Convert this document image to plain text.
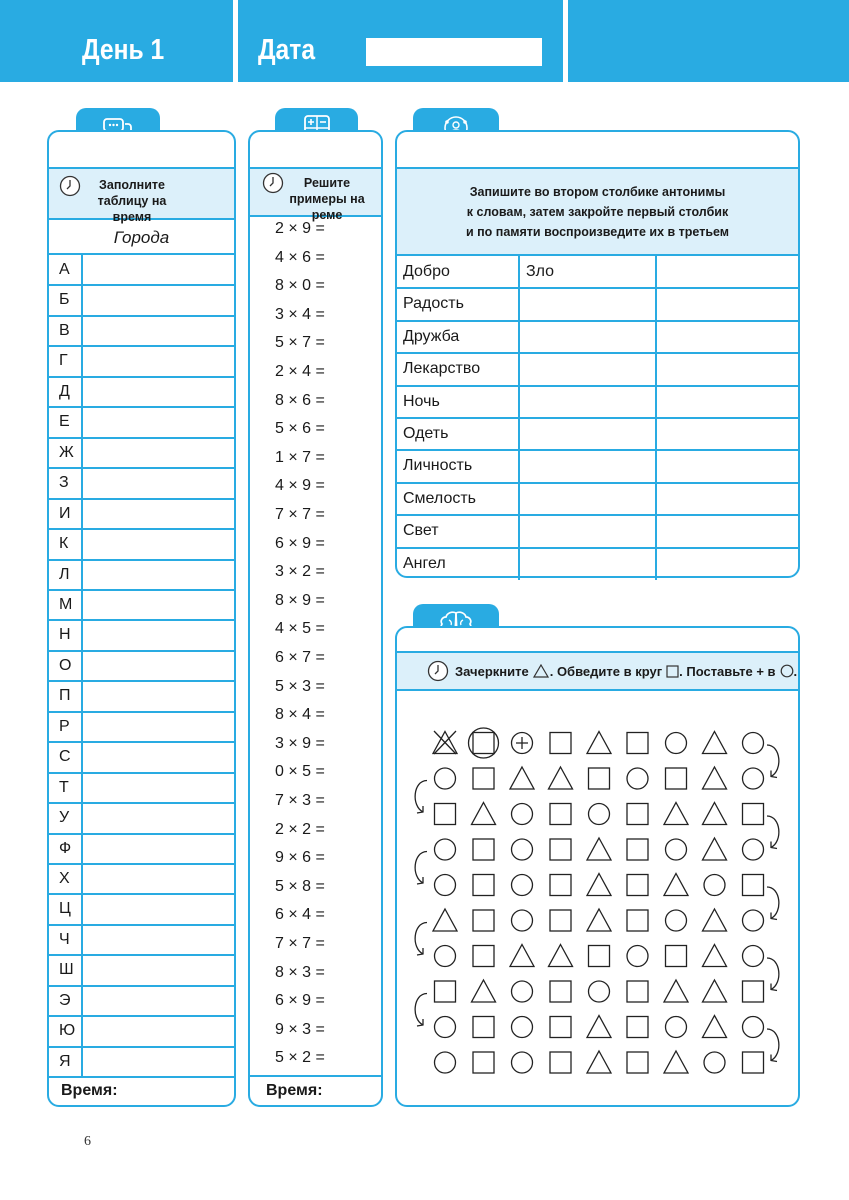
День 1	Дата
Заполните таблицу на время
Города
А
Б
В
Г
Д
Е
Ж
З
И
К
Л
М
Н
О
П
Р
С
Т
У
Ф
Х
Ц
Ч
Ш
Э
Ю
Я
Время:
Решите примеры на реме
2 × 9 =
4 × 6 =
8 × 0 =
3 × 4 =
5 × 7 =
2 × 4 =
8 × 6 =
5 × 6 =
1 × 7 =
4 × 9 =
7 × 7 =
6 × 9 =
3 × 2 =
8 × 9 =
4 × 5 =
6 × 7 =
5 × 3 =
8 × 4 =
3 × 9 =
0 × 5 =
7 × 3 =
2 × 2 =
9 × 6 =
5 × 8 =
6 × 4 =
7 × 7 =
8 × 3 =
6 × 9 =
9 × 3 =
5 × 2 =
Время:
Запишите во втором столбике антонимы
к словам, затем закройте первый столбик
и по памяти воспроизведите их в третьем
Добро	Зло
Радость
Дружба
Лекарство
Ночь
Одеть
Личность
Смелость
Свет
Ангел
Зачеркните . Обведите в круг . Поставьте + в .
6
